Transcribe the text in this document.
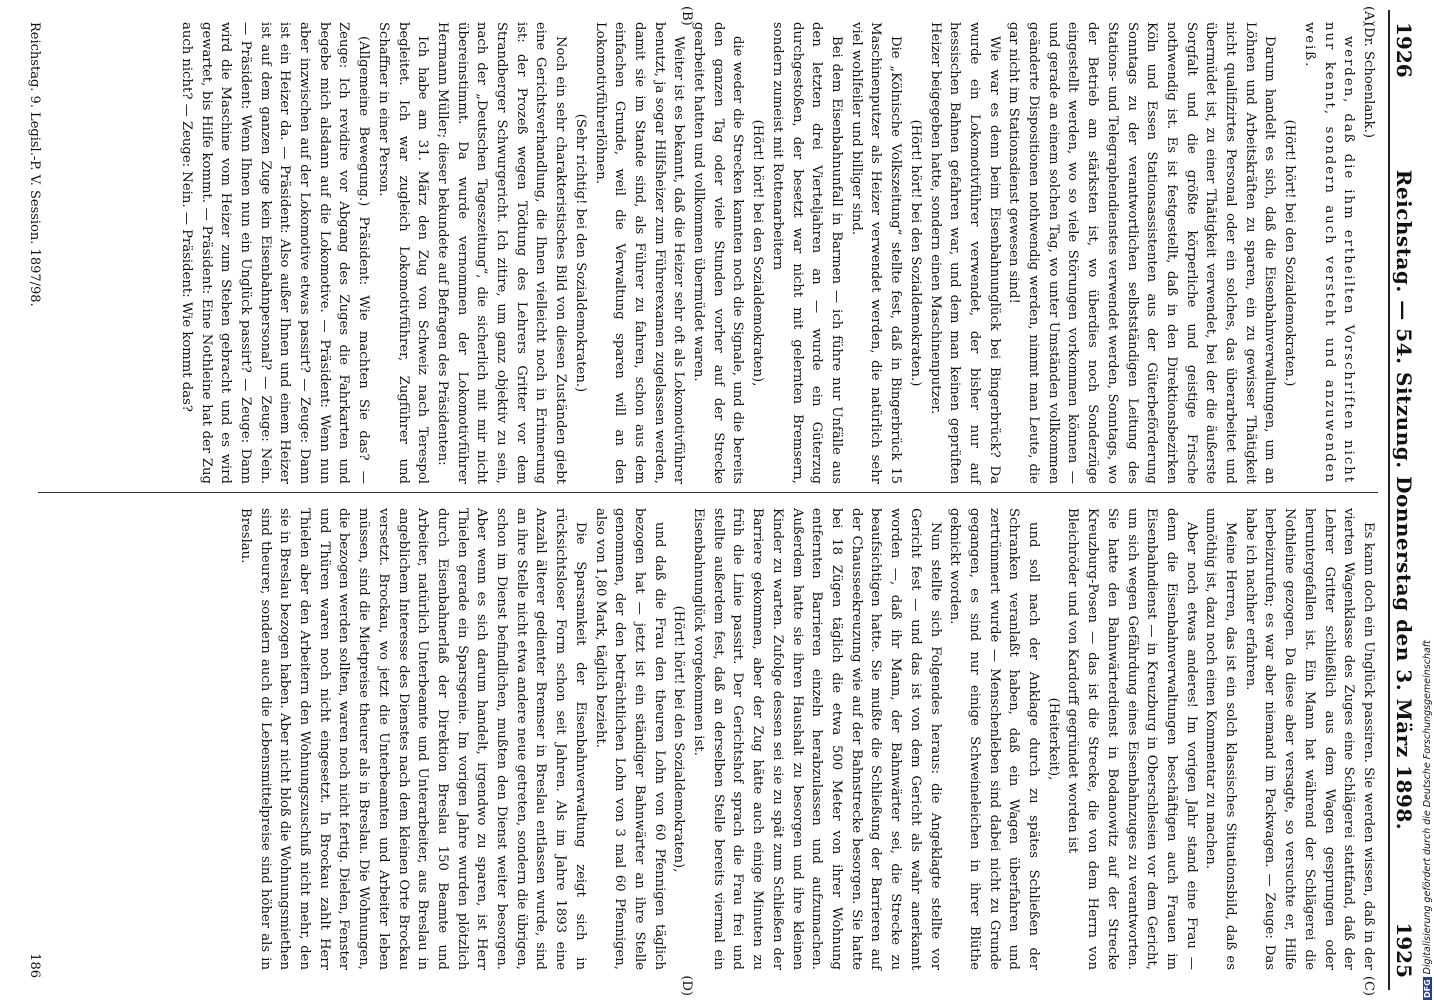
1926
Reichstag. — 54. Sitzung. Donnerstag den 3. März 1898.
1925
(A)
(B)
(C)
(D)

(Dr. Schoenlank.)

werden, daß die ihm ertheilten Vorschriften nicht nur kennt, sondern auch versteht und anzuwenden weiß.

(Hört! hört! bei den Sozialdemokraten.)

Darum handelt es sich, daß die Eisenbahnverwaltungen, um an Löhnen und Arbeitskräften zu sparen, ein zu gewisser Thätigkeit nicht qualifizirtes Personal oder ein solches, das überarbeitet und übermüdet ist, zu einer Thätigkeit verwendet, bei der die äußerste Sorgfalt und die größte körperliche und geistige Frische nothwendig ist. Es ist festgestellt, daß in den Direktionsbezirken Köln und Essen Stationsassistenten aus der Güterbeförderung Sonntags zu der verantwortlichen selbstständigen Leitung des Stations- und Telegraphendienstes verwendet werden, Sonntags, wo der Betrieb am stärksten ist, wo überdies noch Sonderzüge eingestellt werden, wo so viele Störungen vorkommen können — und gerade an einem solchen Tag, wo unter Umständen vollkommen geänderte Dispositionen nothwendig werden, nimmt man Leute, die gar nicht im Stationsdienst gewesen sind!

Wie war es denn beim Eisenbahnunglück bei Bingerbrück? Da wurde ein Lokomotivführer verwendet, der bisher nur auf hessischen Bahnen gefahren war, und dem man keinen geprüften Heizer beigegeben hatte, sondern einen Maschinenputzer.

(Hört! hört! bei den Sozialdemokraten.)

Die „Kölnische Volkszeitung“ stellte fest, daß in Bingerbrück 15 Maschinenputzer als Heizer verwendet werden, die natürlich sehr viel wohlfeiler und billiger sind.

Bei dem Eisenbahnunfall in Barmen — ich führe nur Unfälle aus den letzten drei Vierteljahren an — wurde ein Güterzug durchgestoßen, der besetzt war nicht mit gelernten Bremsern, sondern zumeist mit Rottenarbeitern

(Hört! hört! bei den Sozialdemokraten),

die weder die Strecken kannten noch die Signale, und die bereits den ganzen Tag oder viele Stunden vorher auf der Strecke gearbeitet hatten und vollkommen übermüdet waren.

Weiter ist es bekannt, daß die Heizer sehr oft als Lokomotivführer benutzt, ja sogar Hilfsheizer zum Führerexamen zugelassen werden, damit sie im Stande sind, als Führer zu fahren, schon aus dem einfachen Grunde, weil die Verwaltung sparen will an den Lokomotivführerlöhnen.

(Sehr richtig! bei den Sozialdemokraten.)

Noch ein sehr charakteristisches Bild von diesen Zuständen giebt eine Gerichtsverhandlung, die Ihnen vielleicht noch in Erinnerung ist: der Prozeß wegen Tödtung des Lehrers Gritter vor dem Strandberger Schwurgericht. Ich zitire, um ganz objektiv zu sein, nach der „Deutschen Tageszeitung“, die sicherlich mit mir nicht übereinstimmt. Da wurde vernommen der Lokomotivführer Hermann Müller; dieser bekundete auf Befragen des Präsidenten:

Ich habe am 31. März den Zug von Schweiz nach Terespol begleitet. Ich war zugleich Lokomotivführer, Zugführer und Schaffner in einer Person.

(Allgemeine Bewegung.) Präsident: Wie machten Sie das? — Zeuge: Ich revidire vor Abgang des Zuges die Fahrkarten und begebe mich alsdann auf die Lokomotive. — Präsident: Wenn nun aber inzwischen auf der Lokomotive etwas passirt? — Zeuge: Dann ist ein Heizer da. — Präsident: Also außer Ihnen und einem Heizer ist auf dem ganzen Zuge kein Eisenbahnpersonal? — Zeuge: Nein. — Präsident: Wenn Ihnen nun ein Unglück passirt? — Zeuge: Dann wird die Maschine vom Heizer zum Stehen gebracht und es wird gewartet, bis Hilfe kommt. — Präsident: Eine Nothleine hat der Zug auch nicht? — Zeuge: Nein. — Präsident: Wie kommt das?

Es kann doch ein Unglück passiren. Sie werden wissen, daß in der vierten Wagenklasse des Zuges eine Schlägerei stattfand, daß der Lehrer Gritter schließlich aus dem Wagen gesprungen oder heruntergefallen ist. Ein Mann hat während der Schlägerei die Nothleine gezogen. Da diese aber versagte, so versuchte er, Hilfe herbeizurufen; es war aber niemand im Packwagen. — Zeuge: Das habe ich nachher erfahren.

Meine Herren, das ist ein solch klassisches Situationsbild, daß es unnöthig ist, dazu noch einen Kommentar zu machen.

Aber noch etwas anderes! Im vorigen Jahr stand eine Frau — denn die Eisenbahnverwaltungen beschäftigen auch Frauen im Eisenbahndienst — in Kreuzburg in Oberschlesien vor dem Gericht, um sich wegen Gefährdung eines Eisenbahnzuges zu verantworten. Sie hatte den Bahnwärterdienst in Bodanowitz auf der Strecke Kreuzburg-Posen — das ist die Strecke, die von dem Herrn von Bleichröder und von Kardorff gegründet worden ist

(Heiterkeit),

und soll nach der Anklage durch zu spätes Schließen der Schranken veranlaßt haben, daß ein Wagen überfahren und zertrümmert wurde — Menschenleben sind dabei nicht zu Grunde gegangen, es sind nur einige Schweineleichen in ihrer Blüthe geknickt worden.

Nun stellte sich Folgendes heraus: die Angeklagte stellte vor Gericht fest — und das ist von dem Gericht als wahr anerkannt worden —, daß ihr Mann, der Bahnwärter sei, die Strecke zu beaufsichtigen hatte. Sie mußte die Schließung der Barrieren auf der Chausseekreuzung wie auf der Bahnstrecke besorgen. Sie hatte bei 18 Zügen täglich die etwa 500 Meter von ihrer Wohnung entfernten Barrieren einzeln herabzulassen und aufzumachen. Außerdem hatte sie ihren Haushalt zu besorgen und ihre kleinen Kinder zu warten. Zufolge dessen sei sie zu spät zum Schließen der Barriere gekommen, aber der Zug hätte auch einige Minuten zu früh die Linie passirt. Der Gerichtshof sprach die Frau frei und stellte außerdem fest, daß an derselben Stelle bereits viermal ein Eisenbahnunglück vorgekommen ist.

(Hört! hört! bei den Sozialdemokraten),

und daß die Frau den theuren Lohn von 60 Pfennigen täglich bezogen hat — jetzt ist ein ständiger Bahnwärter an ihre Stelle genommen, der den beträchtlichen Lohn von 3 mal 60 Pfennigen, also von 1,80 Mark, täglich bezieht.

Die Sparsamkeit der Eisenbahnverwaltung zeigt sich in rücksichtsloser Form schon seit Jahren. Als im Jahre 1893 eine Anzahl älterer gedienter Bremser in Breslau entlassen wurde, sind an ihre Stelle nicht etwa andere neue getreten, sondern die übrigen, schon im Dienst befindlichen, mußten den Dienst weiter besorgen. Aber wenn es sich darum handelt, irgendwo zu sparen, ist Herr Thielen gerade ein Sparsgenie. Im vorigen Jahre wurden plötzlich durch Eisenbahnerlaß der Direktion Breslau 150 Beamte und Arbeiter, natürlich Unterbeamte und Unterarbeiter, aus Breslau in angeblichem Interesse des Dienstes nach dem kleinen Orte Brockau versetzt. Brockau, wo jetzt die Unterbeamten und Arbeiter leben müssen, sind die Mietpreise theurer als in Breslau. Die Wohnungen, die bezogen werden sollten, waren noch nicht fertig. Dielen, Fenster und Thüren waren noch nicht eingesetzt. In Brockau zahlt Herr Thielen aber den Arbeitern den Wohnungszuschuß nicht mehr, den sie in Breslau bezogen haben. Aber nicht bloß die Wohnungsmiethen sind theurer, sondern auch die Lebensmittelpreise sind höher als in Breslau.

Reichstag. 9. Legisl.-P. V. Session. 1897/98.
186
DFGDigitalisierung gefördert durch die Deutsche Forschungsgemeinschaft
